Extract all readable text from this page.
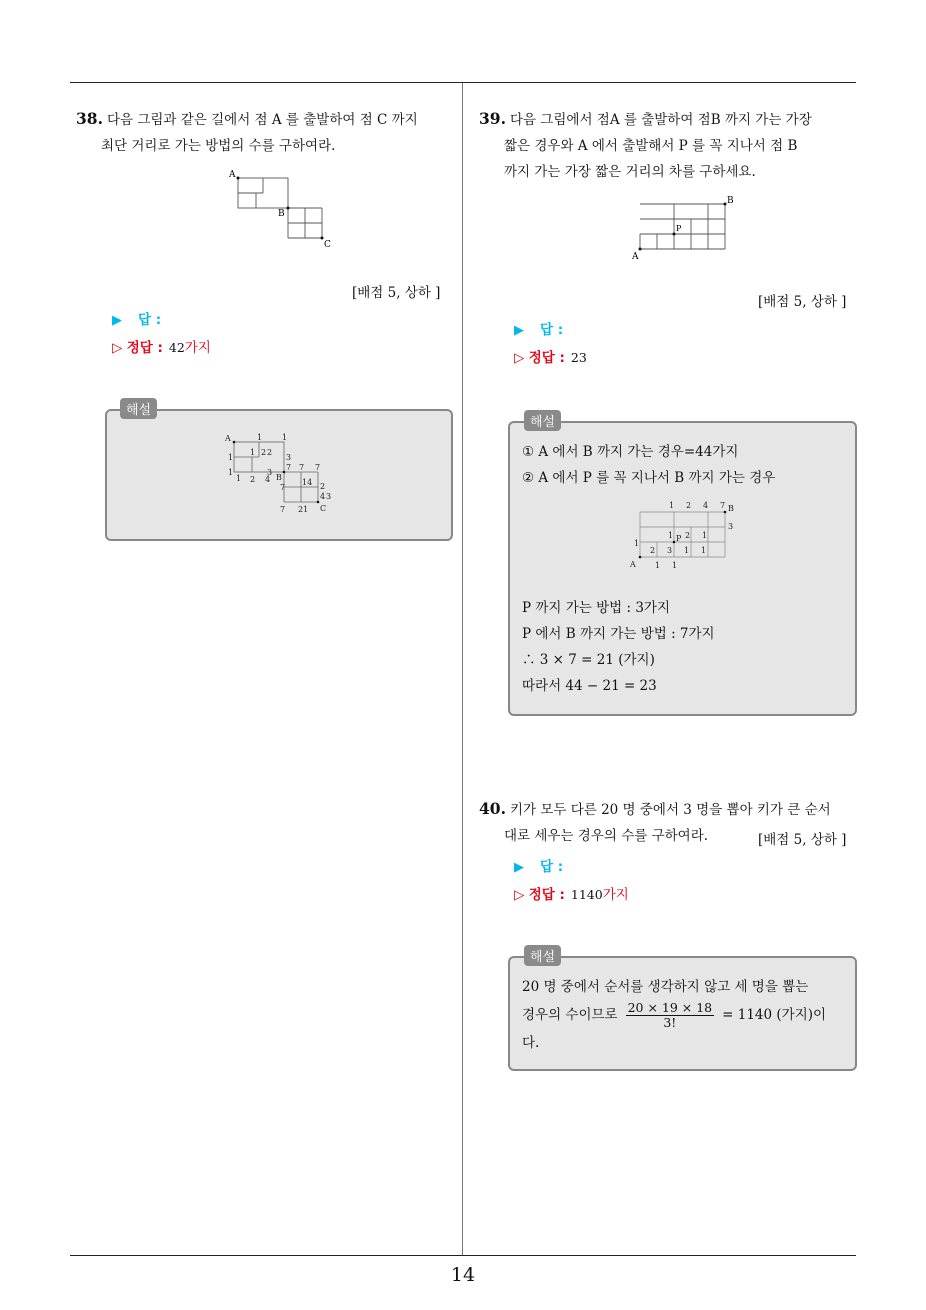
38. 다음 그림과 같은 길에서 점 A 를 출발하여 점 C 까지
최단 거리로 가는 방법의 수를 구하여라.
A
B
C
[배점 5, 상하 ]
▶ 답 :
▷ 정답 : 42가지
해설
A
B
C
1 1
1
1
1 2 2
3
1 2 4
7 7 7
7
14 2
4
7 21
3
3
39. 다음 그림에서 점A 를 출발하여 점B 까지 가는 가장
짧은 경우와 A 에서 출발해서 P 를 꼭 지나서 점 B
까지 가는 가장 짧은 거리의 차를 구하세요.
A
B
P
[배점 5, 상하 ]
▶ 답 :
▷ 정답 : 23
해설
① A 에서 B 까지 가는 경우=44가지
② A 에서 P 를 꼭 지나서 B 까지 가는 경우
A
B
P
1 2 4 7
3
1
1 2 1
2 3 1 1
1 1
P 까지 가는 방법 : 3가지
P 에서 B 까지 가는 방법 : 7가지
∴ 3 × 7 = 21 (가지)
따라서 44 − 21 = 23
40. 키가 모두 다른 20 명 중에서 3 명을 뽑아 키가 큰 순서
대로 세우는 경우의 수를 구하여라.	[배점 5, 상하 ]
▶ 답 :
▷ 정답 : 1140가지
해설
20 명 중에서 순서를 생각하지 않고 세 명을 뽑는
경우의 수이므로 $\frac{20 \times 19 \times 18}{3!} = 1140$ (가지)이
다.
14
